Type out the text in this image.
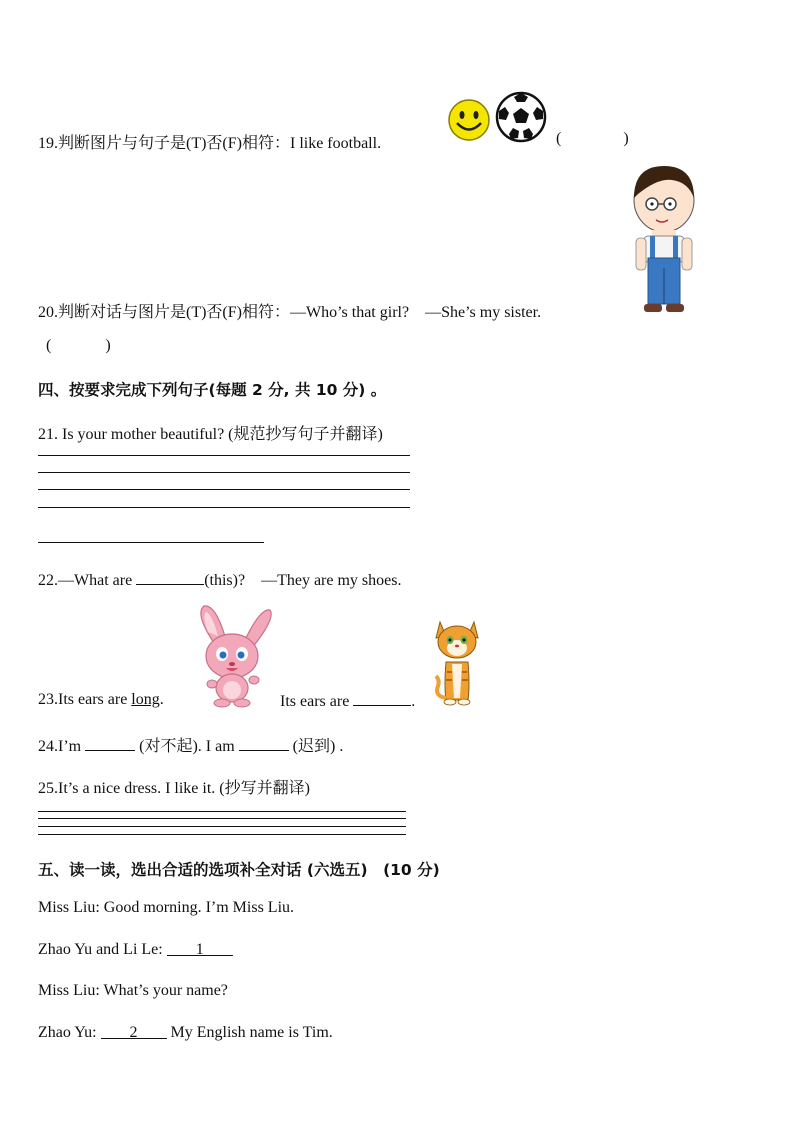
19.判断图片与句子是(T)否(F)相符：I like football.	(	)
20.判断对话与图片是(T)否(F)相符：—Who’s that girl?　—She’s my sister.
(	)
四、按要求完成下列句子(每题 2 分, 共 10 分) 。
21. Is your mother beautiful? (规范抄写句子并翻译)
22.—What are	(this)?　—They are my shoes.
23.Its ears are long.	Its ears are	.
24.I’m	(对不起). I am	(迟到) .
25.It’s a nice dress. I like it. (抄写并翻译)
五、读一读，选出合适的选项补全对话 (六选五)　(10 分)
Miss Liu: Good morning. I’m Miss Liu.
Zhao Yu and Li Le: 1
Miss Liu: What’s your name?
Zhao Yu: 2 My English name is Tim.
